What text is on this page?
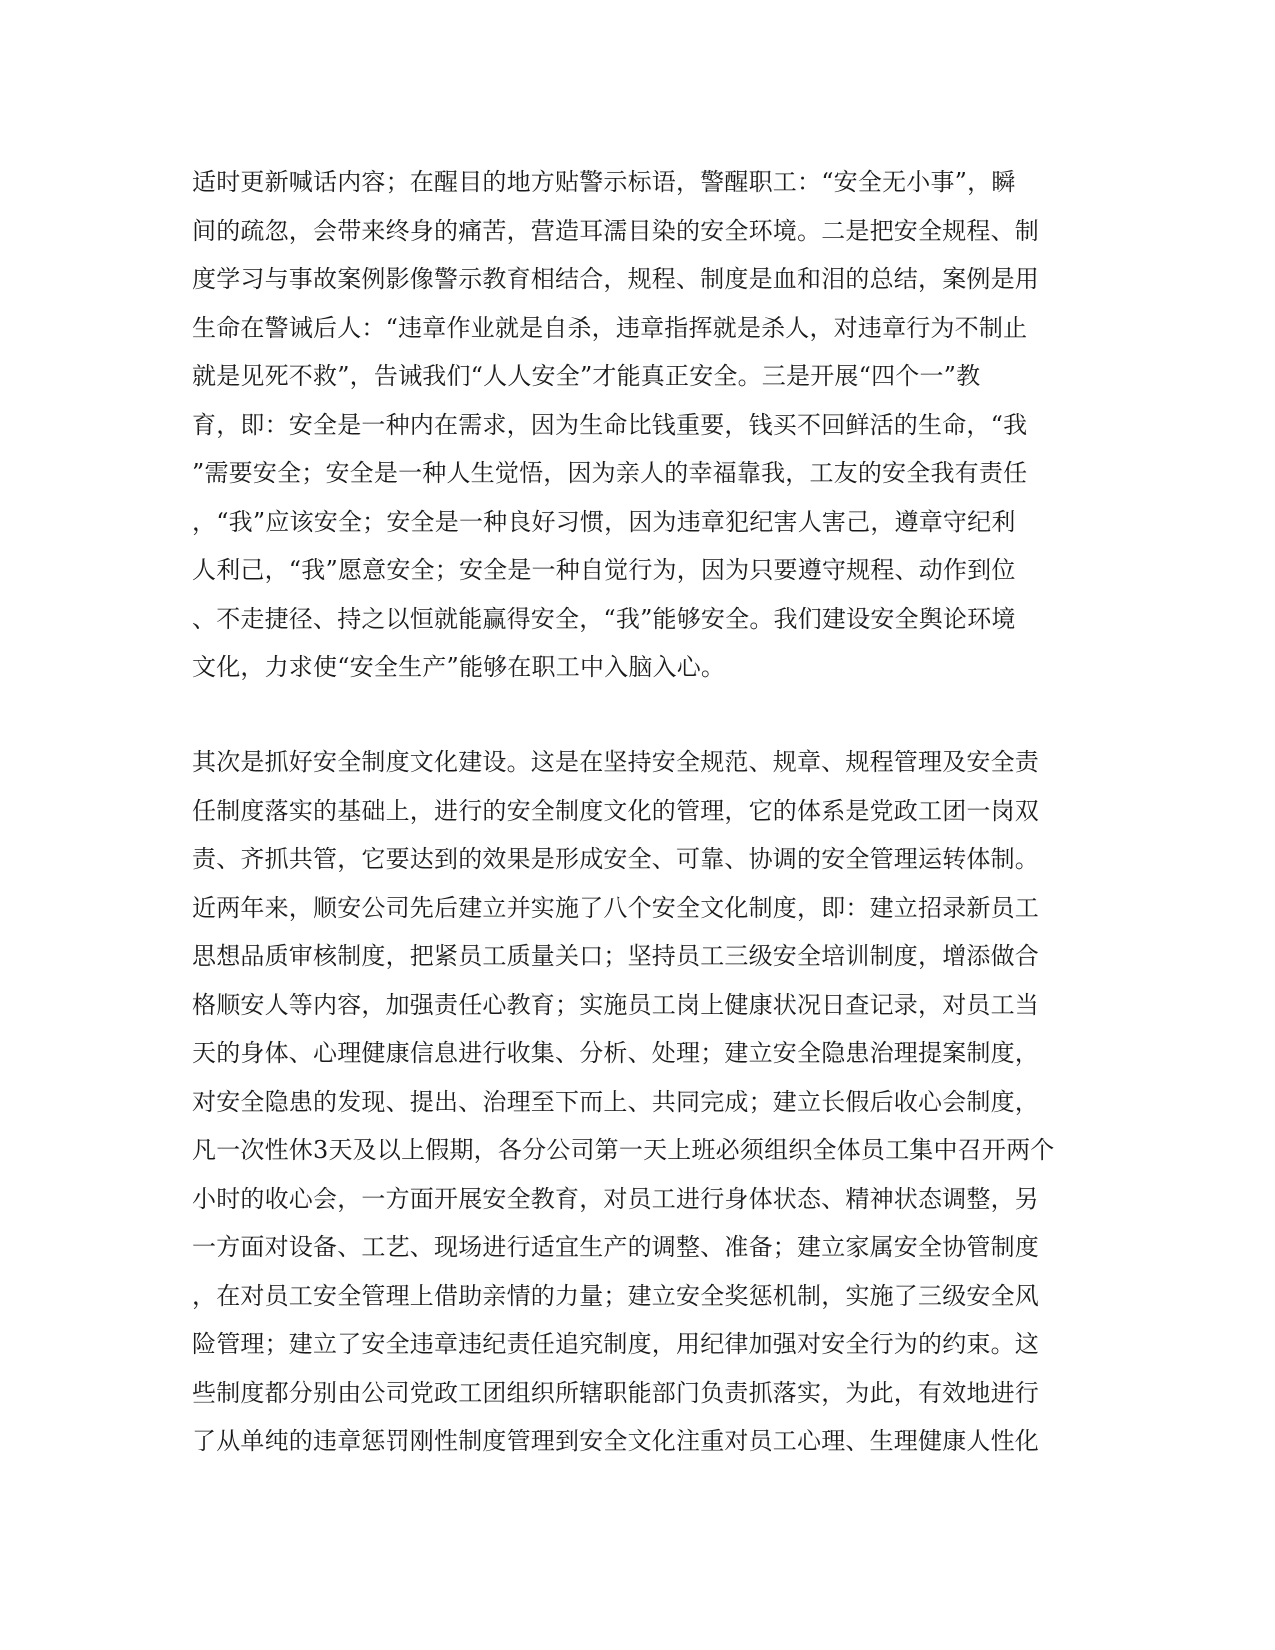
适时更新喊话内容；在醒目的地方贴警示标语，警醒职工：“安全无小事”，瞬
间的疏忽，会带来终身的痛苦，营造耳濡目染的安全环境。二是把安全规程、制
度学习与事故案例影像警示教育相结合，规程、制度是血和泪的总结，案例是用
生命在警诫后人：“违章作业就是自杀，违章指挥就是杀人，对违章行为不制止
就是见死不救”，告诫我们“人人安全”才能真正安全。三是开展“四个一”教
育，即：安全是一种内在需求，因为生命比钱重要，钱买不回鲜活的生命，“我
”需要安全；安全是一种人生觉悟，因为亲人的幸福靠我，工友的安全我有责任
，“我”应该安全；安全是一种良好习惯，因为违章犯纪害人害己，遵章守纪利
人利己，“我”愿意安全；安全是一种自觉行为，因为只要遵守规程、动作到位
、不走捷径、持之以恒就能赢得安全，“我”能够安全。我们建设安全舆论环境
文化，力求使“安全生产”能够在职工中入脑入心。
其次是抓好安全制度文化建设。这是在坚持安全规范、规章、规程管理及安全责
任制度落实的基础上，进行的安全制度文化的管理，它的体系是党政工团一岗双
责、齐抓共管，它要达到的效果是形成安全、可靠、协调的安全管理运转体制。
近两年来，顺安公司先后建立并实施了八个安全文化制度，即：建立招录新员工
思想品质审核制度，把紧员工质量关口；坚持员工三级安全培训制度，增添做合
格顺安人等内容，加强责任心教育；实施员工岗上健康状况日查记录，对员工当
天的身体、心理健康信息进行收集、分析、处理；建立安全隐患治理提案制度，
对安全隐患的发现、提出、治理至下而上、共同完成；建立长假后收心会制度，
凡一次性休3天及以上假期，各分公司第一天上班必须组织全体员工集中召开两个
小时的收心会，一方面开展安全教育，对员工进行身体状态、精神状态调整，另
一方面对设备、工艺、现场进行适宜生产的调整、准备；建立家属安全协管制度
，在对员工安全管理上借助亲情的力量；建立安全奖惩机制，实施了三级安全风
险管理；建立了安全违章违纪责任追究制度，用纪律加强对安全行为的约束。这
些制度都分别由公司党政工团组织所辖职能部门负责抓落实，为此，有效地进行
了从单纯的违章惩罚刚性制度管理到安全文化注重对员工心理、生理健康人性化
